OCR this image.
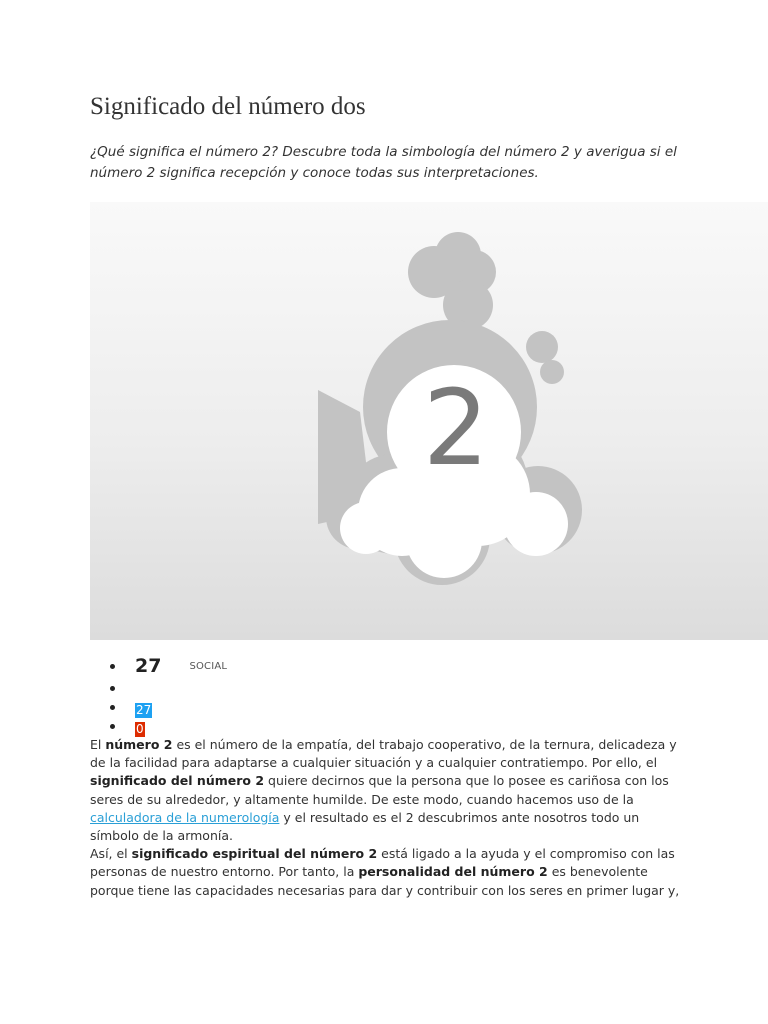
Significado del número dos

¿Qué significa el número 2? Descubre toda la simbología del número 2 y averigua si el número 2 significa recepción y conoce todas sus interpretaciones.

2
27	$^{SOCIAL}$
27
0

El número 2 es el número de la empatía, del trabajo cooperativo, de la ternura, delicadeza y de la facilidad para adaptarse a cualquier situación y a cualquier contratiempo. Por ello, el significado del número 2 quiere decirnos que la persona que lo posee es cariñosa con los seres de su alrededor, y altamente humilde. De este modo, cuando hacemos uso de la calculadora de la numerología y el resultado es el 2 descubrimos ante nosotros todo un símbolo de la armonía.

Así, el significado espiritual del número 2 está ligado a la ayuda y el compromiso con las personas de nuestro entorno. Por tanto, la personalidad del número 2 es benevolente porque tiene las capacidades necesarias para dar y contribuir con los seres en primer lugar y,
